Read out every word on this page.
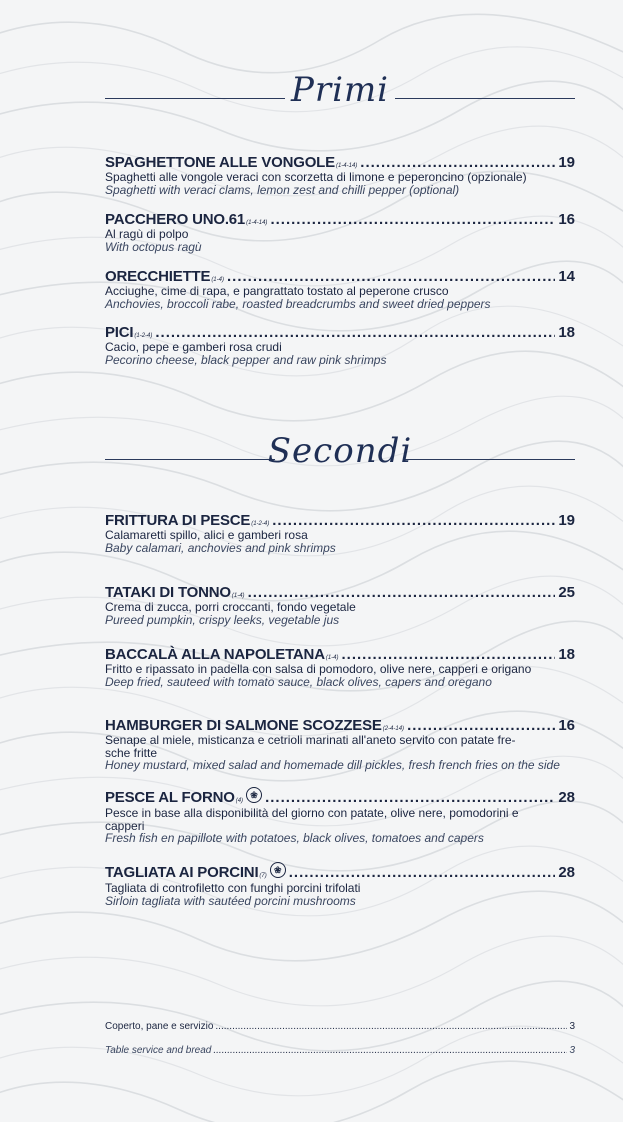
Primi
SPAGHETTONE ALLE VONGOLE (1-4-14) .....	19
Spaghetti alle vongole veraci con scorzetta di limone e peperoncino (opzionale)
Spaghetti with veraci clams, lemon zest and chilli pepper (optional)
PACCHERO UNO.61 (1-4-14) .....	16
Al ragù di polpo
With octopus ragù
ORECCHIETTE (1-4) .....	14
Acciughe, cime di rapa, e pangrattato tostato al peperone crusco
Anchovies, broccoli rabe, roasted breadcrumbs and sweet dried peppers
PICI (1-2-4) .....	18
Cacio, pepe e gamberi rosa crudi
Pecorino cheese, black pepper and raw pink shrimps
Secondi
FRITTURA DI PESCE (1-2-4) .....	19
Calamaretti spillo, alici e gamberi rosa
Baby calamari, anchovies and pink shrimps
TATAKI DI TONNO (1-4) .....	25
Crema di zucca, porri croccanti, fondo vegetale
Pureed pumpkin, crispy leeks, vegetable jus
BACCALÀ ALLA NAPOLETANA (1-4) .....	18
Fritto e ripassato in padella con salsa di pomodoro, olive nere, capperi e origano
Deep fried, sauteed with tomato sauce, black olives, capers and oregano
HAMBURGER DI SALMONE SCOZZESE (2-4-14) .....	16
Senape al miele, misticanza e cetrioli marinati all'aneto servito con patate fre-
sche fritte
Honey mustard, mixed salad and homemade dill pickles, fresh french fries on the side
PESCE AL FORNO (4)
❀ .....	28
Pesce in base alla disponibilità del giorno con patate, olive nere, pomodorini e
capperi
Fresh fish en papillote with potatoes, black olives, tomatoes and capers
TAGLIATA AI PORCINI (7)
❀ .....	28
Tagliata di controfiletto con funghi porcini trifolati
Sirloin tagliata with sautéed porcini mushrooms
Coperto, pane e servizio .....	3
Table service and bread .....	3
